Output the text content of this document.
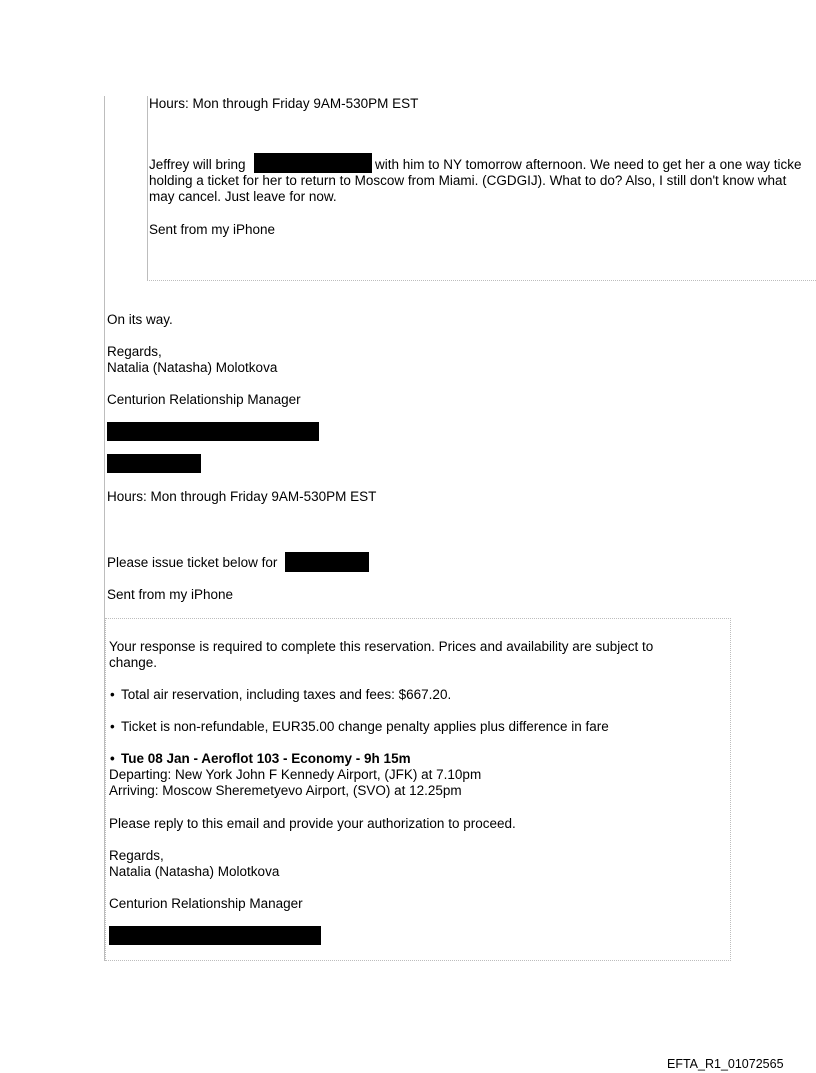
Hours: Mon through Friday 9AM-530PM EST
Jeffrey will bring	with him to NY tomorrow afternoon. We need to get her a one way ticke
holding a ticket for her to return to Moscow from Miami. (CGDGIJ). What to do? Also, I still don't know what
may cancel. Just leave for now.
Sent from my iPhone
On its way.
Regards,
Natalia (Natasha) Molotkova
Centurion Relationship Manager
Hours: Mon through Friday 9AM-530PM EST
Please issue ticket below for
Sent from my iPhone
Your response is required to complete this reservation. Prices and availability are subject to
change.
• Total air reservation, including taxes and fees: $667.20.
• Ticket is non-refundable, EUR35.00 change penalty applies plus difference in fare
• Tue 08 Jan - Aeroflot 103 - Economy - 9h 15m
Departing: New York John F Kennedy Airport, (JFK) at 7.10pm
Arriving: Moscow Sheremetyevo Airport, (SVO) at 12.25pm
Please reply to this email and provide your authorization to proceed.
Regards,
Natalia (Natasha) Molotkova
Centurion Relationship Manager
EFTA_R1_01072565
